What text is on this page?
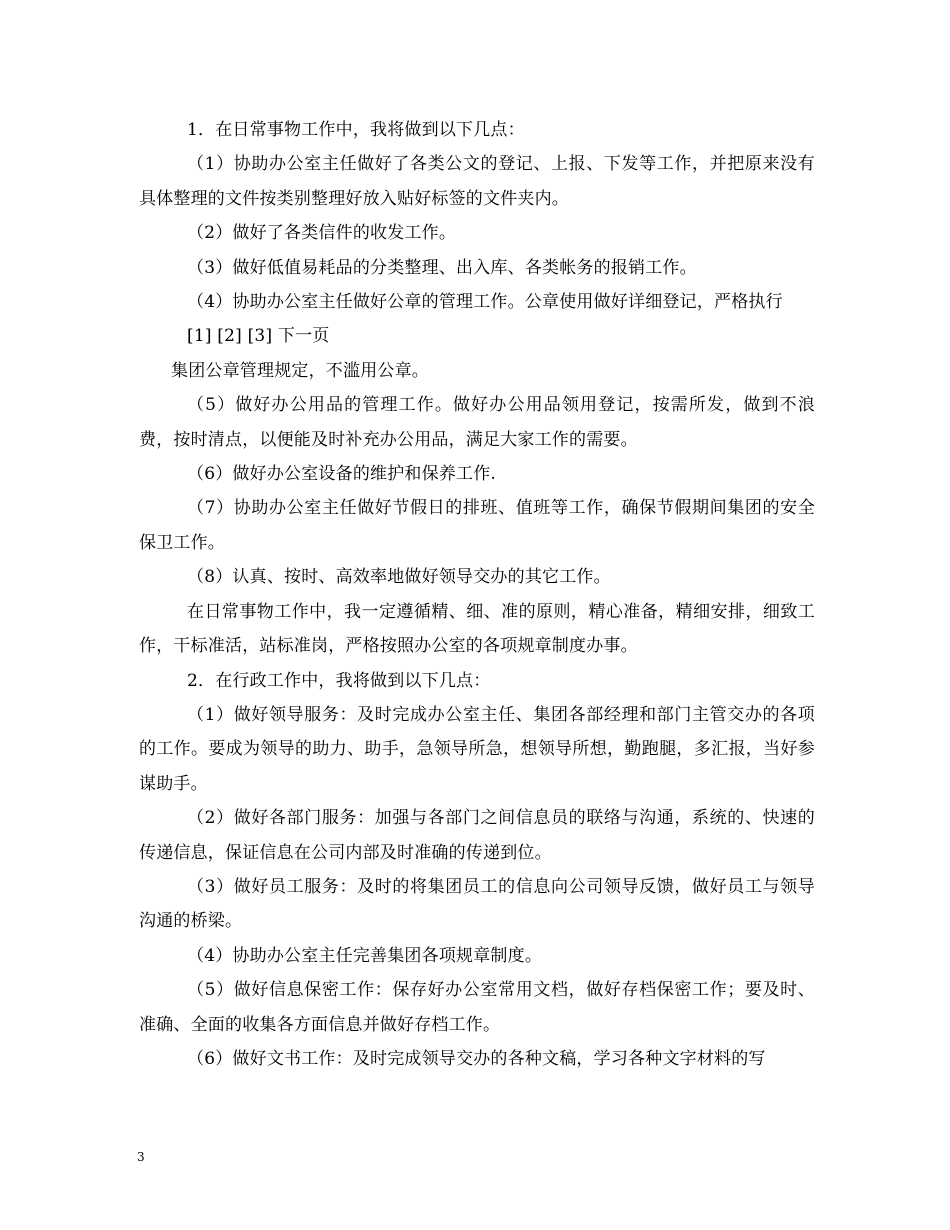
1．在日常事物工作中，我将做到以下几点：

（1）协助办公室主任做好了各类公文的登记、上报、下发等工作，并把原来没有具体整理的文件按类别整理好放入贴好标签的文件夹内。

（2）做好了各类信件的收发工作。

（3）做好低值易耗品的分类整理、出入库、各类帐务的报销工作。

（4）协助办公室主任做好公章的管理工作。公章使用做好详细登记，严格执行

[1] [2] [3] 下一页

集团公章管理规定，不滥用公章。

（5）做好办公用品的管理工作。做好办公用品领用登记，按需所发，做到不浪费，按时清点，以便能及时补充办公用品，满足大家工作的需要。

（6）做好办公室设备的维护和保养工作.

（7）协助办公室主任做好节假日的排班、值班等工作，确保节假期间集团的安全保卫工作。

（8）认真、按时、高效率地做好领导交办的其它工作。

在日常事物工作中，我一定遵循精、细、准的原则，精心准备，精细安排，细致工作，干标准活，站标准岗，严格按照办公室的各项规章制度办事。

2．在行政工作中，我将做到以下几点：

（1）做好领导服务：及时完成办公室主任、集团各部经理和部门主管交办的各项的工作。要成为领导的助力、助手，急领导所急，想领导所想，勤跑腿，多汇报，当好参谋助手。

（2）做好各部门服务：加强与各部门之间信息员的联络与沟通，系统的、快速的传递信息，保证信息在公司内部及时准确的传递到位。

（3）做好员工服务：及时的将集团员工的信息向公司领导反馈，做好员工与领导沟通的桥梁。

（4）协助办公室主任完善集团各项规章制度。

（5）做好信息保密工作：保存好办公室常用文档，做好存档保密工作；要及时、准确、全面的收集各方面信息并做好存档工作。

（6）做好文书工作：及时完成领导交办的各种文稿，学习各种文字材料的写

3
